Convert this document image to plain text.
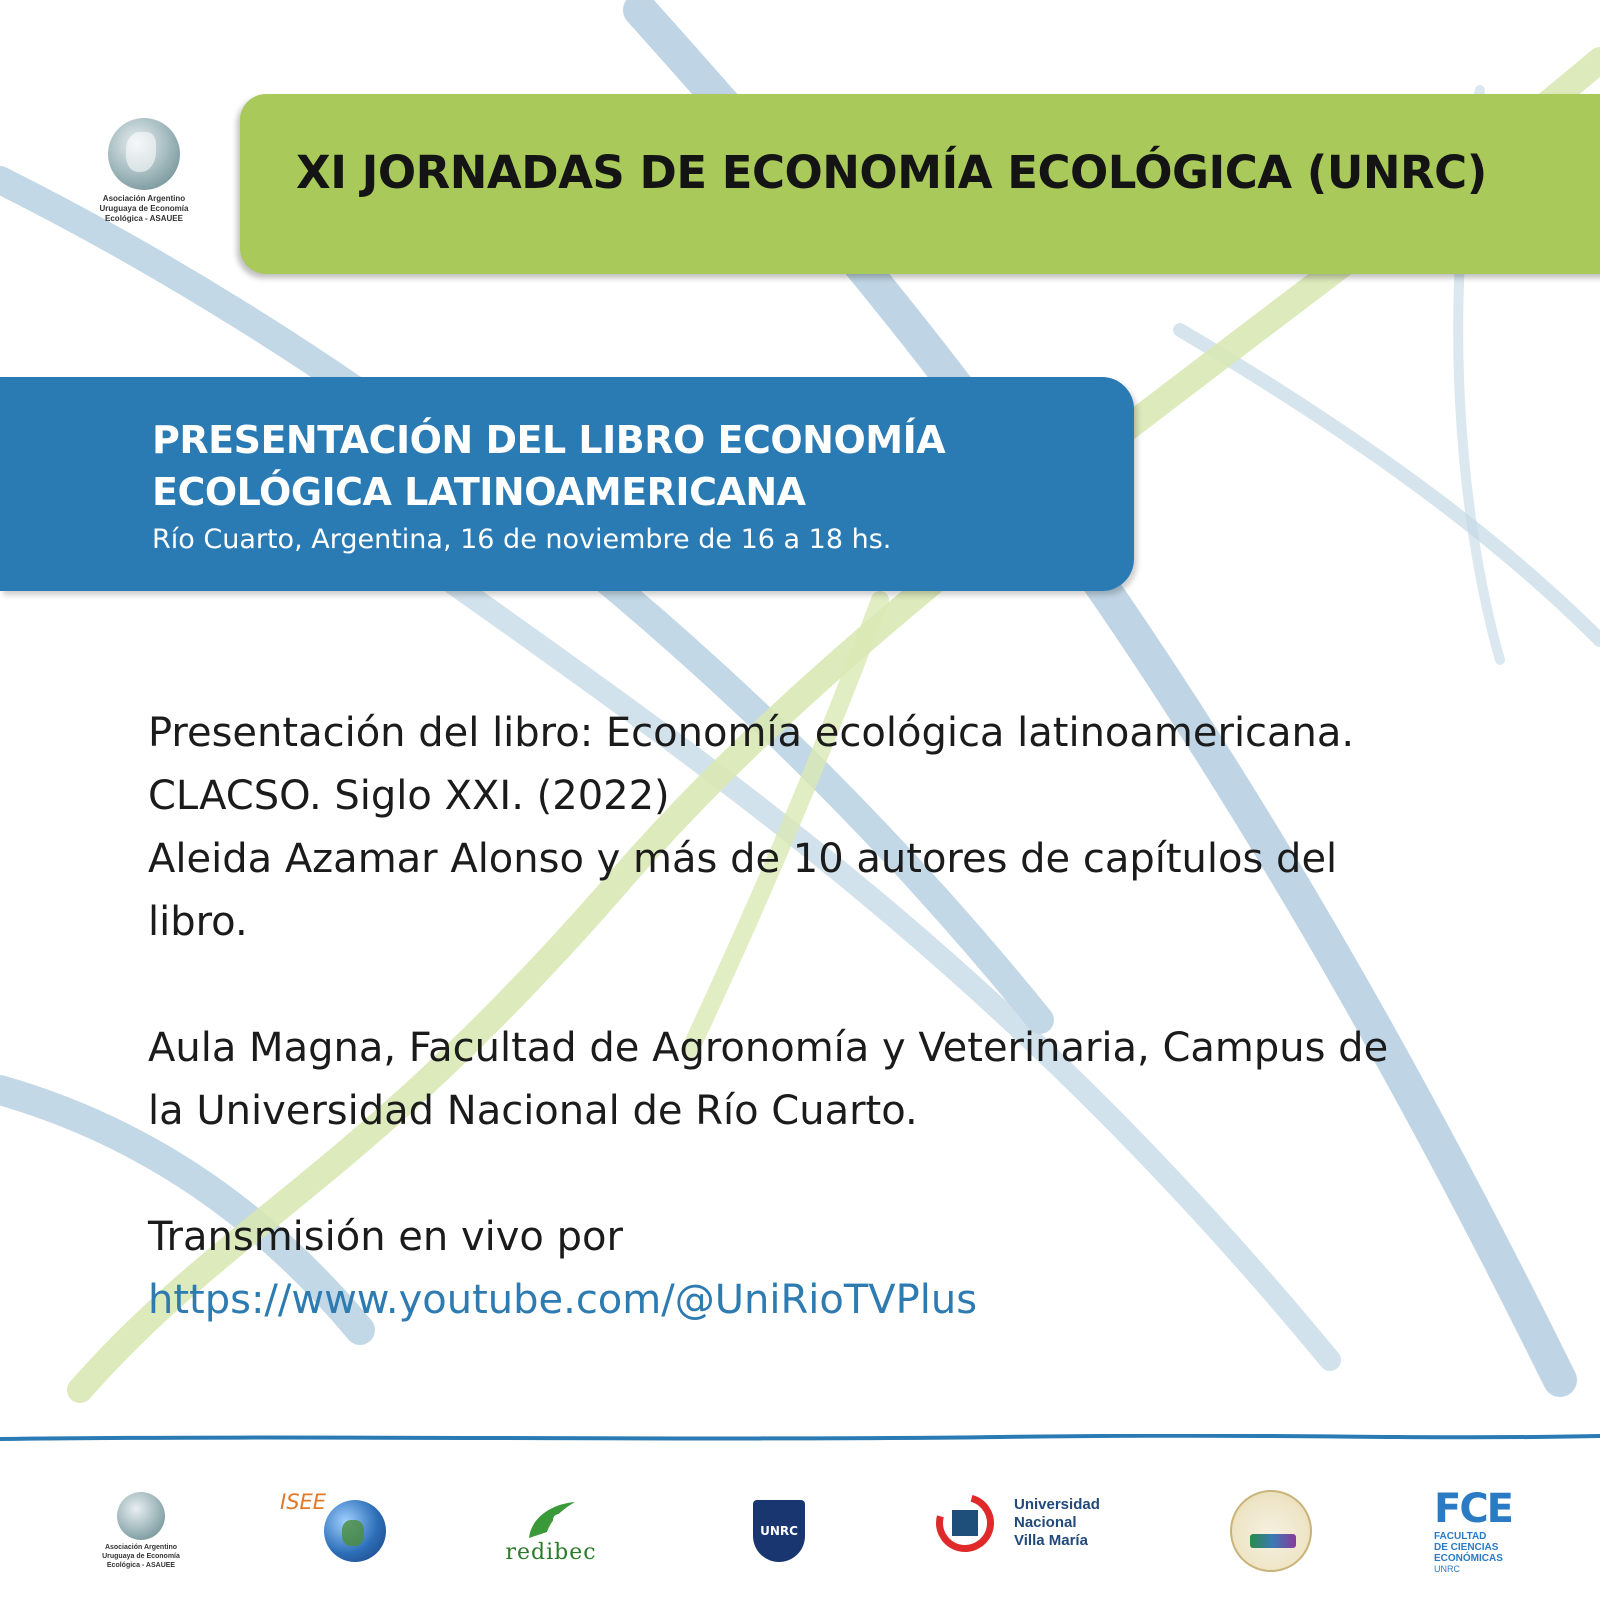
Asociación Argentino
Uruguaya de Economía
Ecológica - ASAUEE
XI JORNADAS DE ECONOMÍA ECOLÓGICA (UNRC)
PRESENTACIÓN DEL LIBRO ECONOMÍA
ECOLÓGICA LATINOAMERICANA
Río Cuarto, Argentina, 16 de noviembre de 16 a 18 hs.

Presentación del libro: Economía ecológica latinoamericana.

CLACSO. Siglo XXI. (2022)

Aleida Azamar Alonso y más de 10 autores de capítulos del

libro.

Aula Magna, Facultad de Agronomía y Veterinaria, Campus de

la Universidad Nacional de Río Cuarto.

Transmisión en vivo por

https://www.youtube.com/@UniRioTVPlus

Asociación Argentino
Uruguaya de Economía
Ecológica - ASAUEE
ISEE
redibec
UNRC
Universidad
Nacional
Villa María
FCE
FACULTAD
DE CIENCIAS
ECONÓMICAS
UNRC
